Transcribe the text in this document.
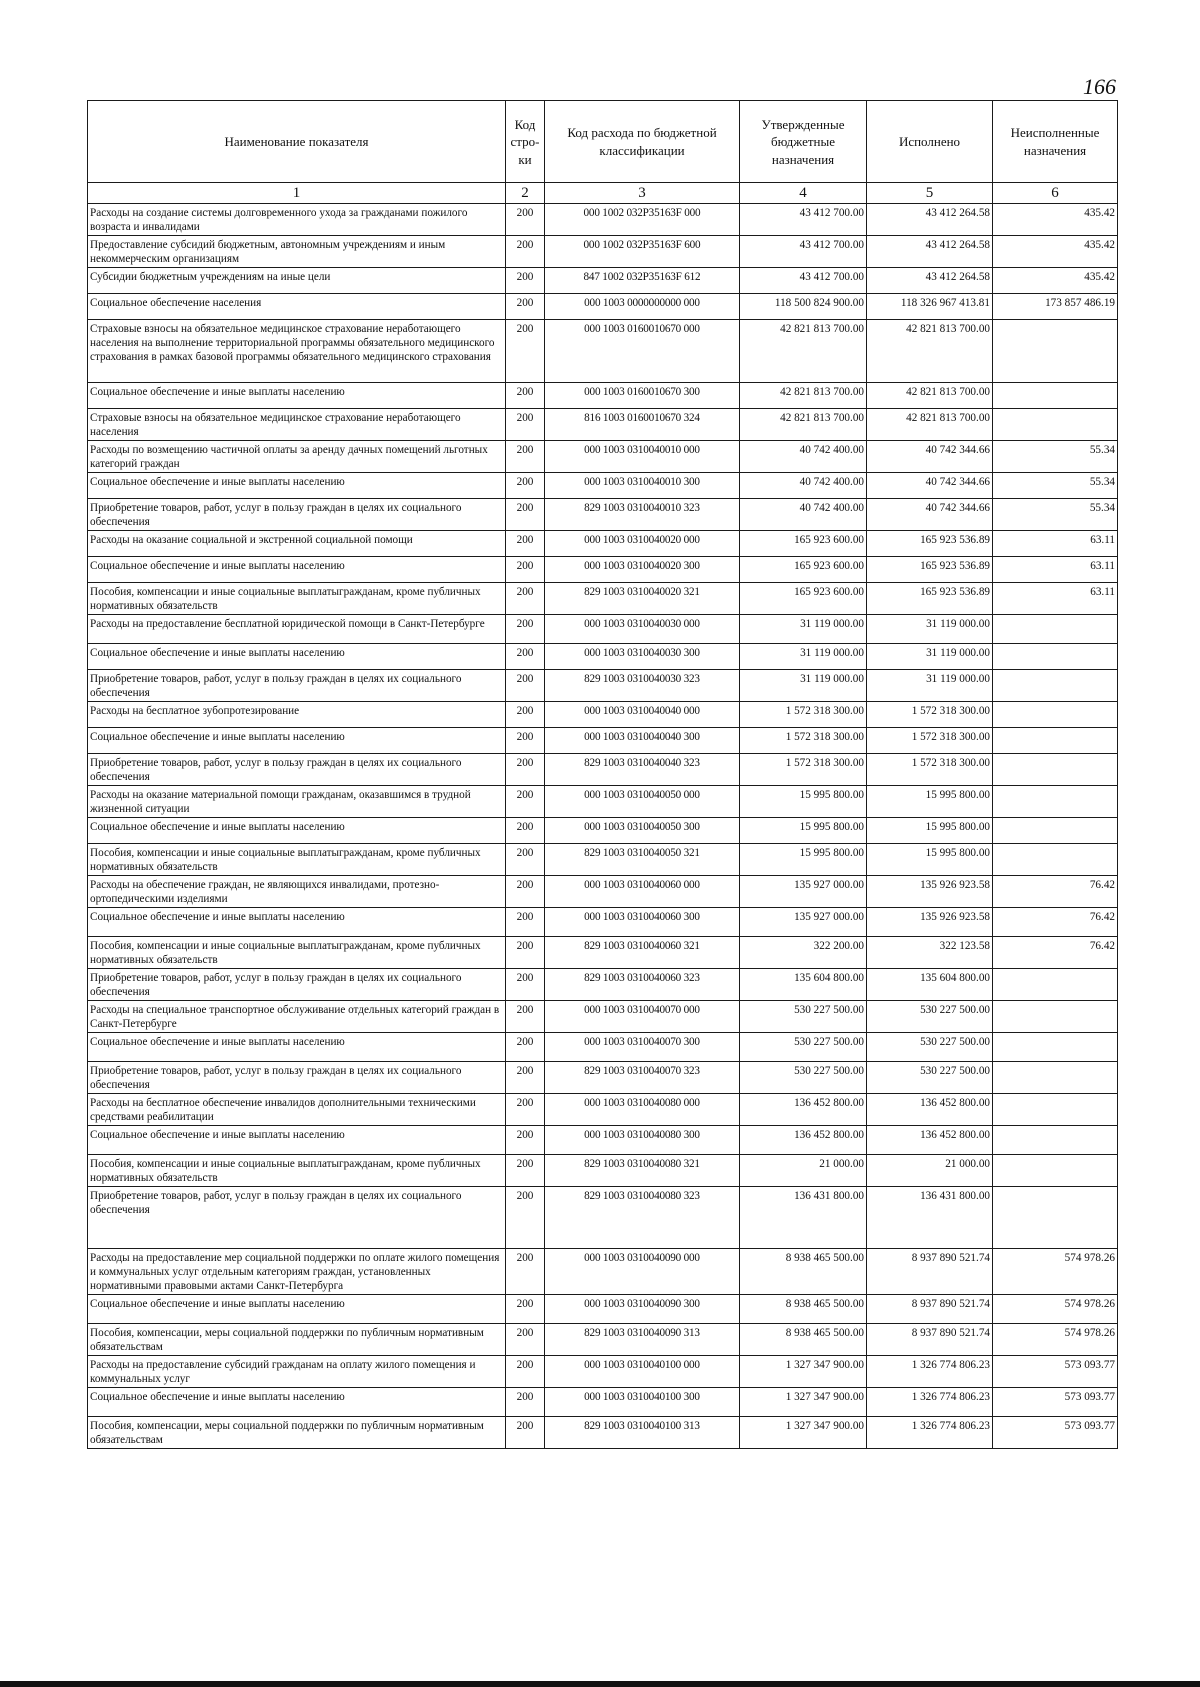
166
Наименование показателя	Код стро-ки	Код расхода по бюджетной классификации	Утвержденные бюджетные назначения	Исполнено	Неисполненные назначения
1	2	3	4	5	6
Расходы на создание системы долговременного ухода за гражданами пожилого возраста и инвалидами	200	000 1002 032P35163F 000	43 412 700.00	43 412 264.58	435.42
Предоставление субсидий бюджетным, автономным учреждениям и иным некоммерческим организациям	200	000 1002 032P35163F 600	43 412 700.00	43 412 264.58	435.42
Субсидии бюджетным учреждениям на иные цели	200	847 1002 032P35163F 612	43 412 700.00	43 412 264.58	435.42
Социальное обеспечение населения	200	000 1003 0000000000 000	118 500 824 900.00	118 326 967 413.81	173 857 486.19
Страховые взносы на обязательное медицинское страхование неработающего населения на выполнение территориальной программы обязательного медицинского страхования в рамках базовой программы обязательного медицинского страхования	200	000 1003 0160010670 000	42 821 813 700.00	42 821 813 700.00	
Социальное обеспечение и иные выплаты населению	200	000 1003 0160010670 300	42 821 813 700.00	42 821 813 700.00	
Страховые взносы на обязательное медицинское страхование неработающего населения	200	816 1003 0160010670 324	42 821 813 700.00	42 821 813 700.00	
Расходы по возмещению частичной оплаты за аренду дачных помещений льготных категорий граждан	200	000 1003 0310040010 000	40 742 400.00	40 742 344.66	55.34
Социальное обеспечение и иные выплаты населению	200	000 1003 0310040010 300	40 742 400.00	40 742 344.66	55.34
Приобретение товаров, работ, услуг в пользу граждан в целях их социального обеспечения	200	829 1003 0310040010 323	40 742 400.00	40 742 344.66	55.34
Расходы на оказание социальной и экстренной социальной помощи	200	000 1003 0310040020 000	165 923 600.00	165 923 536.89	63.11
Социальное обеспечение и иные выплаты населению	200	000 1003 0310040020 300	165 923 600.00	165 923 536.89	63.11
Пособия, компенсации и иные социальные выплатыгражданам, кроме публичных нормативных обязательств	200	829 1003 0310040020 321	165 923 600.00	165 923 536.89	63.11
Расходы на предоставление бесплатной юридической помощи в Санкт-Петербурге	200	000 1003 0310040030 000	31 119 000.00	31 119 000.00	
Социальное обеспечение и иные выплаты населению	200	000 1003 0310040030 300	31 119 000.00	31 119 000.00	
Приобретение товаров, работ, услуг в пользу граждан в целях их социального обеспечения	200	829 1003 0310040030 323	31 119 000.00	31 119 000.00	
Расходы на бесплатное зубопротезирование	200	000 1003 0310040040 000	1 572 318 300.00	1 572 318 300.00	
Социальное обеспечение и иные выплаты населению	200	000 1003 0310040040 300	1 572 318 300.00	1 572 318 300.00	
Приобретение товаров, работ, услуг в пользу граждан в целях их социального обеспечения	200	829 1003 0310040040 323	1 572 318 300.00	1 572 318 300.00	
Расходы на оказание материальной помощи гражданам, оказавшимся в трудной жизненной ситуации	200	000 1003 0310040050 000	15 995 800.00	15 995 800.00	
Социальное обеспечение и иные выплаты населению	200	000 1003 0310040050 300	15 995 800.00	15 995 800.00	
Пособия, компенсации и иные социальные выплатыгражданам, кроме публичных нормативных обязательств	200	829 1003 0310040050 321	15 995 800.00	15 995 800.00	
Расходы на обеспечение граждан, не являющихся инвалидами, протезно-ортопедическими изделиями	200	000 1003 0310040060 000	135 927 000.00	135 926 923.58	76.42
Социальное обеспечение и иные выплаты населению	200	000 1003 0310040060 300	135 927 000.00	135 926 923.58	76.42
Пособия, компенсации и иные социальные выплатыгражданам, кроме публичных нормативных обязательств	200	829 1003 0310040060 321	322 200.00	322 123.58	76.42
Приобретение товаров, работ, услуг в пользу граждан в целях их социального обеспечения	200	829 1003 0310040060 323	135 604 800.00	135 604 800.00	
Расходы на специальное транспортное обслуживание отдельных категорий граждан в Санкт-Петербурге	200	000 1003 0310040070 000	530 227 500.00	530 227 500.00	
Социальное обеспечение и иные выплаты населению	200	000 1003 0310040070 300	530 227 500.00	530 227 500.00	
Приобретение товаров, работ, услуг в пользу граждан в целях их социального обеспечения	200	829 1003 0310040070 323	530 227 500.00	530 227 500.00	
Расходы на бесплатное обеспечение инвалидов дополнительными техническими средствами реабилитации	200	000 1003 0310040080 000	136 452 800.00	136 452 800.00	
Социальное обеспечение и иные выплаты населению	200	000 1003 0310040080 300	136 452 800.00	136 452 800.00	
Пособия, компенсации и иные социальные выплатыгражданам, кроме публичных нормативных обязательств	200	829 1003 0310040080 321	21 000.00	21 000.00	
Приобретение товаров, работ, услуг в пользу граждан в целях их социального обеспечения	200	829 1003 0310040080 323	136 431 800.00	136 431 800.00	
Расходы на предоставление мер социальной поддержки по оплате жилого помещения и коммунальных услуг отдельным категориям граждан, установленных нормативными правовыми актами Санкт-Петербурга	200	000 1003 0310040090 000	8 938 465 500.00	8 937 890 521.74	574 978.26
Социальное обеспечение и иные выплаты населению	200	000 1003 0310040090 300	8 938 465 500.00	8 937 890 521.74	574 978.26
Пособия, компенсации, меры социальной поддержки по публичным нормативным обязательствам	200	829 1003 0310040090 313	8 938 465 500.00	8 937 890 521.74	574 978.26
Расходы на предоставление субсидий гражданам на оплату жилого помещения и коммунальных услуг	200	000 1003 0310040100 000	1 327 347 900.00	1 326 774 806.23	573 093.77
Социальное обеспечение и иные выплаты населению	200	000 1003 0310040100 300	1 327 347 900.00	1 326 774 806.23	573 093.77
Пособия, компенсации, меры социальной поддержки по публичным нормативным обязательствам	200	829 1003 0310040100 313	1 327 347 900.00	1 326 774 806.23	573 093.77
